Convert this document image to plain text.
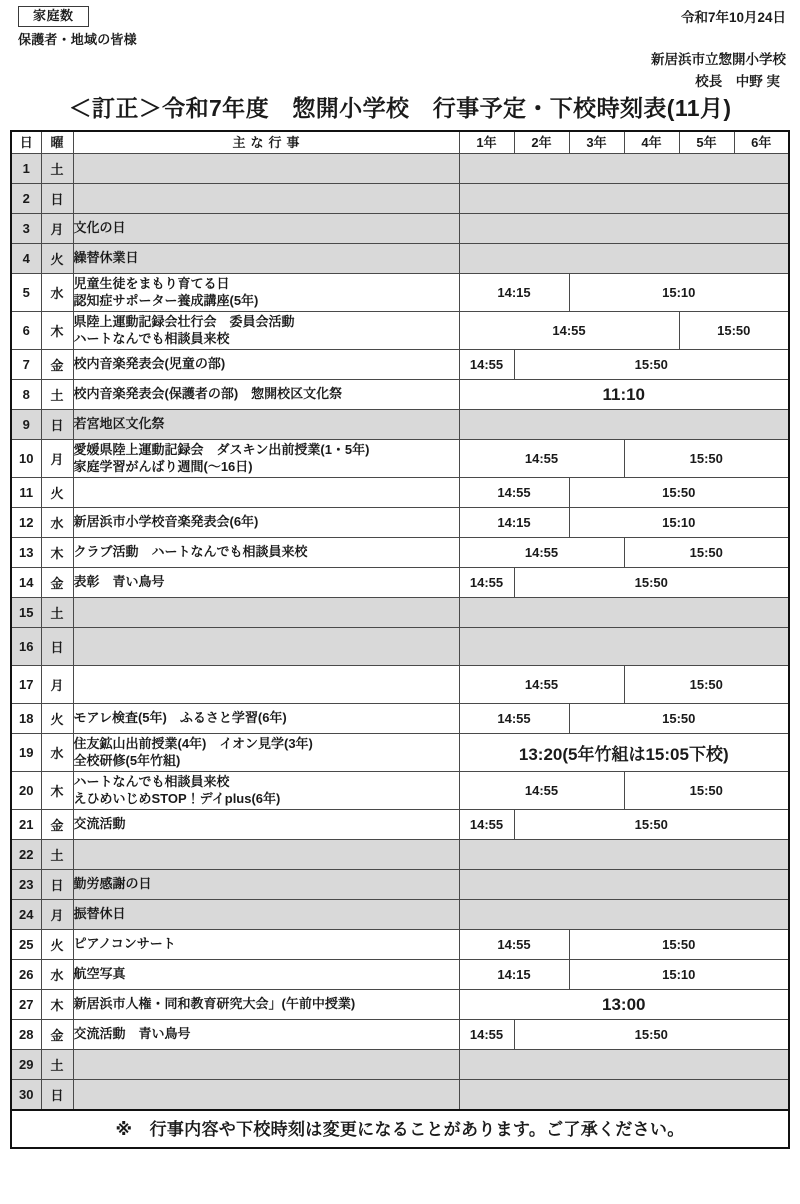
家庭数
保護者・地域の皆様
令和7年10月24日
新居浜市立惣開小学校
校長　中野 実
＜訂正＞令和7年度　惣開小学校　行事予定・下校時刻表(11月)
日	曜	主な行事	1年	2年	3年	4年	5年	6年
1	土							
2	日							
3	月	文化の日						

4	火	繰替休業日						

5	水	児童生徒をまもり育てる日
認知症サポーター養成講座(5年)	14:15		15:10			
6	木	県陸上運動記録会壮行会　委員会活動
ハートなんでも相談員来校	14:55				15:50	
7	金	校内音楽発表会(児童の部)	14:55	15:50				
8	土	校内音楽発表会(保護者の部)　惣開校区文化祭	11:10					
9	日	若宮地区文化祭						

10	月	愛媛県陸上運動記録会　ダスキン出前授業(1・5年)
家庭学習がんばり週間(～16日)	14:55			15:50		
11	火		14:55		15:50			
12	水	新居浜市小学校音楽発表会(6年)	14:15		15:10			
13	木	クラブ活動　ハートなんでも相談員来校	14:55			15:50		
14	金	表彰　青い鳥号	14:55	15:50				
15	土							
16	日							
17	月		14:55			15:50		
18	火	モアレ検査(5年)　ふるさと学習(6年)	14:55		15:50			
19	水	住友鉱山出前授業(4年)　イオン見学(3年)
全校研修(5年竹組)	13:20(5年竹組は15:05下校)					
20	木	ハートなんでも相談員来校
えひめいじめSTOP！デイplus(6年)	14:55			15:50		
21	金	交流活動	14:55	15:50				
22	土							
23	日	勤労感謝の日						

24	月	振替休日						

25	火	ピアノコンサート	14:55		15:50			
26	水	航空写真	14:15		15:10			
27	木	新居浜市人権・同和教育研究大会」(午前中授業)	13:00					
28	金	交流活動　青い鳥号	14:55	15:50				
29	土							
30	日							
※　行事内容や下校時刻は変更になることがあります。ご了承ください。
